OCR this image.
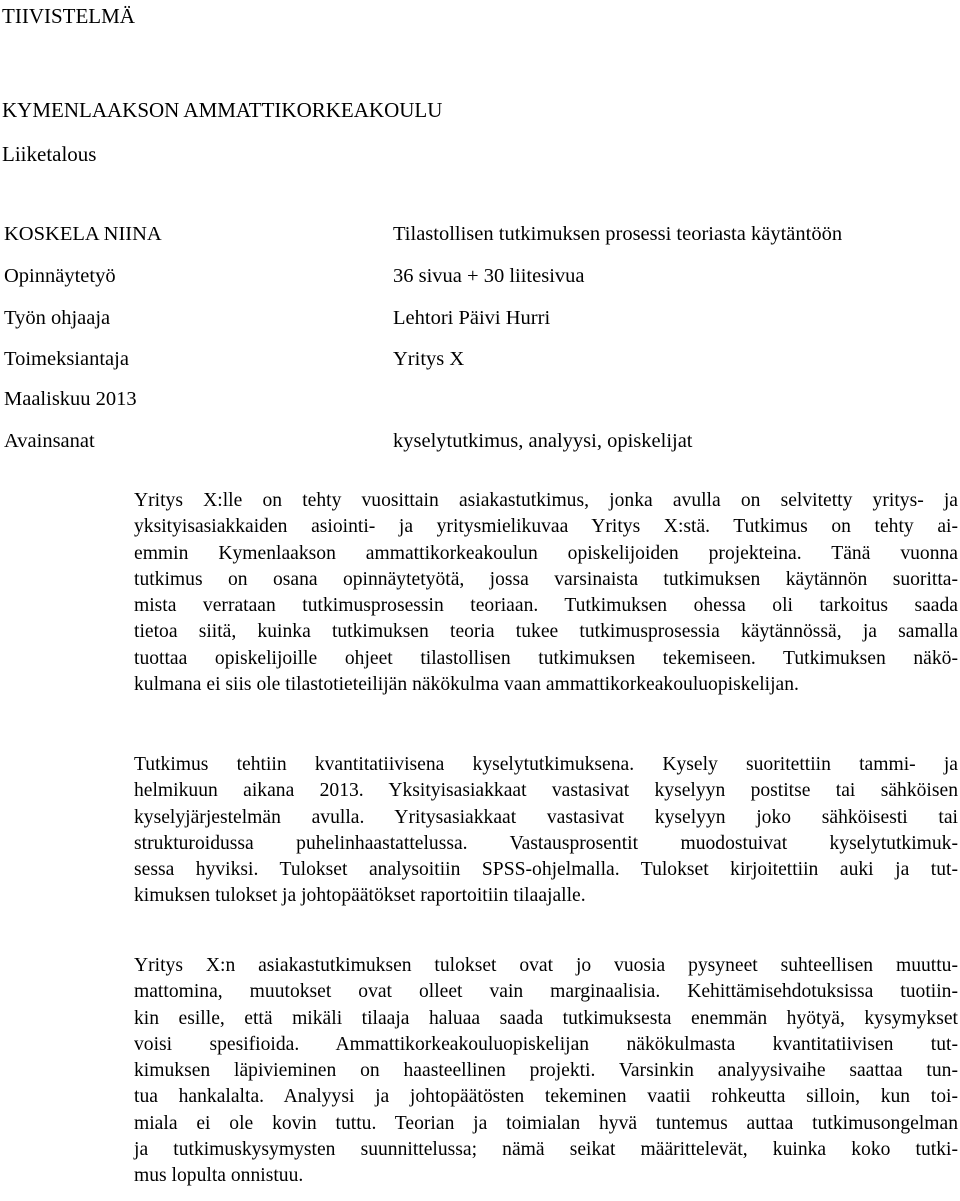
TIIVISTELMÄ
KYMENLAAKSON AMMATTIKORKEAKOULU
Liiketalous
KOSKELA NIINA	Tilastollisen tutkimuksen prosessi teoriasta käytäntöön
Opinnäytetyö	36 sivua + 30 liitesivua
Työn ohjaaja	Lehtori Päivi Hurri
Toimeksiantaja	Yritys X
Maaliskuu 2013
Avainsanat	kyselytutkimus, analyysi, opiskelijat
Yritys X:lle on tehty vuosittain asiakastutkimus, jonka avulla on selvitetty yritys- ja
yksityisasiakkaiden asiointi- ja yritysmielikuvaa Yritys X:stä. Tutkimus on tehty ai-
emmin Kymenlaakson ammattikorkeakoulun opiskelijoiden projekteina. Tänä vuonna
tutkimus on osana opinnäytetyötä, jossa varsinaista tutkimuksen käytännön suoritta-
mista verrataan tutkimusprosessin teoriaan. Tutkimuksen ohessa oli tarkoitus saada
tietoa siitä, kuinka tutkimuksen teoria tukee tutkimusprosessia käytännössä, ja samalla
tuottaa opiskelijoille ohjeet tilastollisen tutkimuksen tekemiseen. Tutkimuksen näkö-
kulmana ei siis ole tilastotieteilijän näkökulma vaan ammattikorkeakouluopiskelijan.
Tutkimus tehtiin kvantitatiivisena kyselytutkimuksena. Kysely suoritettiin tammi- ja
helmikuun aikana 2013. Yksityisasiakkaat vastasivat kyselyyn postitse tai sähköisen
kyselyjärjestelmän avulla. Yritysasiakkaat vastasivat kyselyyn joko sähköisesti tai
strukturoidussa puhelinhaastattelussa. Vastausprosentit muodostuivat kyselytutkimuk-
sessa hyviksi. Tulokset analysoitiin SPSS-ohjelmalla. Tulokset kirjoitettiin auki ja tut-
kimuksen tulokset ja johtopäätökset raportoitiin tilaajalle.
Yritys X:n asiakastutkimuksen tulokset ovat jo vuosia pysyneet suhteellisen muuttu-
mattomina, muutokset ovat olleet vain marginaalisia. Kehittämisehdotuksissa tuotiin-
kin esille, että mikäli tilaaja haluaa saada tutkimuksesta enemmän hyötyä, kysymykset
voisi spesifioida. Ammattikorkeakouluopiskelijan näkökulmasta kvantitatiivisen tut-
kimuksen läpivieminen on haasteellinen projekti. Varsinkin analyysivaihe saattaa tun-
tua hankalalta. Analyysi ja johtopäätösten tekeminen vaatii rohkeutta silloin, kun toi-
miala ei ole kovin tuttu. Teorian ja toimialan hyvä tuntemus auttaa tutkimusongelman
ja tutkimuskysymysten suunnittelussa; nämä seikat määrittelevät, kuinka koko tutki-
mus lopulta onnistuu.
